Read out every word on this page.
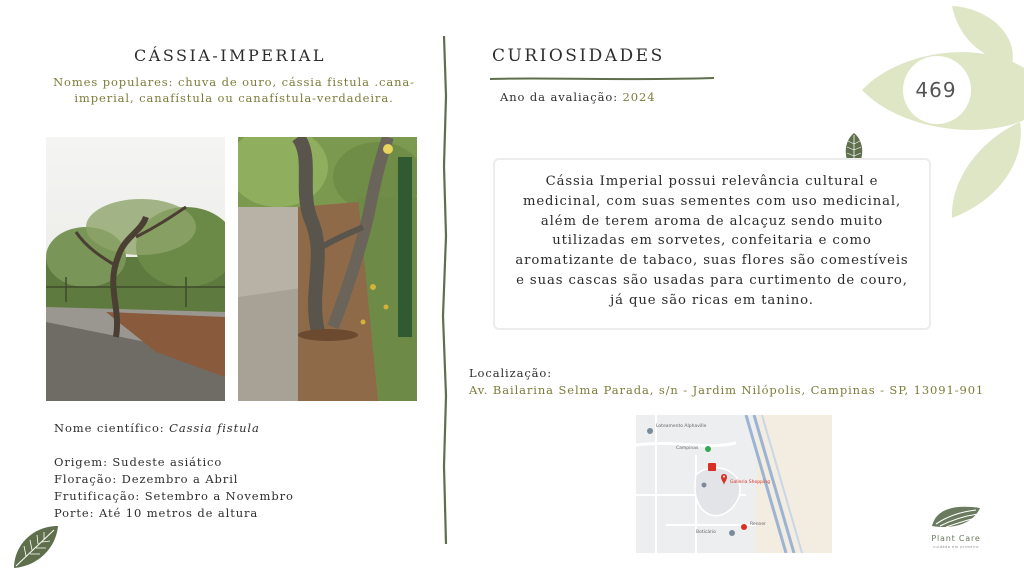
CÁSSIA-IMPERIAL
Nomes populares: chuva de ouro, cássia fistula .cana-imperial, canafístula ou canafístula-verdadeira.
Nome científico: Cassia fistula
Origem: Sudeste asiático
Floração: Dezembro a Abril
Frutificação: Setembro a Novembro
Porte: Até 10 metros de altura
CURIOSIDADES
Ano da avaliação: 2024
Cássia Imperial possui relevância cultural e medicinal, com suas sementes com uso medicinal, além de terem aroma de alcaçuz sendo muito utilizadas em sorvetes, confeitaria e como aromatizante de tabaco, suas flores são comestíveis e suas cascas são usadas para curtimento de couro, já que são ricas em tanino.
Localização:
Av. Bailarina Selma Parada, s/n - Jardim Nilópolis, Campinas - SP, 13091-901
Loteamento Alphaville
Campinas
Galleria Shopping
Renner
Boticário
469
Plant Care
cuidado em primeiro
